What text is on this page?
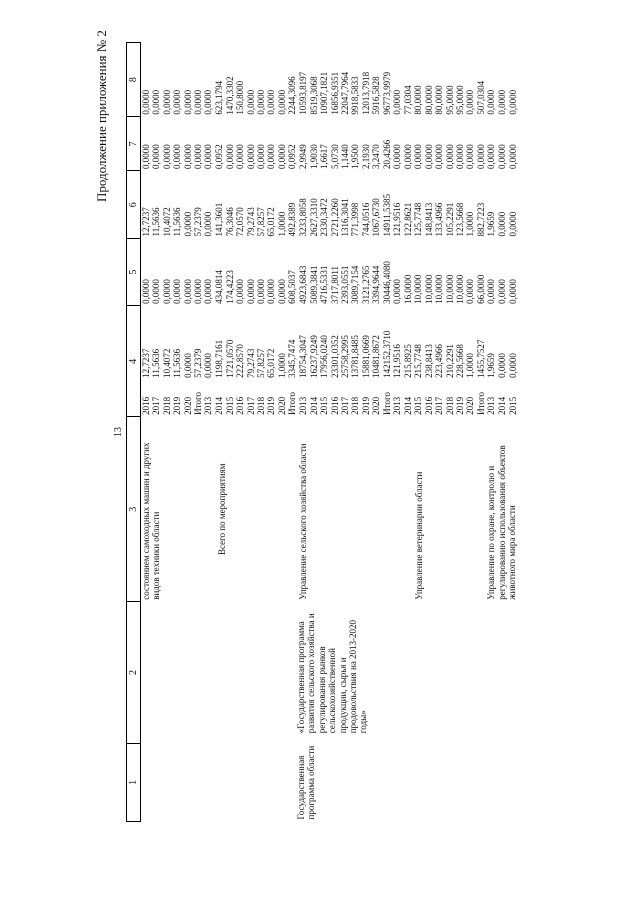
Продолжение приложения № 2
13								
1	2	3	4		5	6	7	8

Государственная программа области	«Государственная программа развития сельского хозяйства и регулирования рынков сельскохозяйственной продукции, сырья и продовольствия на 2013-2020 годы»	состоянием самоходных машин и других видов техники области	2016	12,7237	0,0000	12,7237	0,0000	0,0000
			2017	11,5636	0,0000	11,5636	0,0000	0,0000
			2018	10,4072	0,0000	10,4072	0,0000	0,0000
			2019	11,5636	0,0000	11,5636	0,0000	0,0000
			2020	0,0000	0,0000	0,0000	0,0000	0,0000
			Итого	57,2379	0,0000	57,2379	0,0000	0,0000

		Всего по мероприятиям	2013	0,0000	0,0000	0,0000	0,0000	0,0000
			2014	1198,7161	434,0814	141,3601	0,0952	623,1794
			2015	1721,0570	174,4223	76,3046	0,0000	1470,3302
			2016	222,8570	0,0000	72,0570	0,0000	150,8000
			2017	79,2743	0,0000	79,2743	0,0000	0,0000
			2018	57,8257	0,0000	57,8257	0,0000	0,0000
			2019	65,0172	0,0000	65,0172	0,0000	0,0000
			2020	1,0000	0,0000	1,0000	0,0000	0,0000
			Итого	3345,7474	608,5037	492,8389	0,0952	2244,3096

		Управление сельского хозяйства области	2013	18754,3047	4923,6843	3233,8058	2,9949	10593,8197
			2014	16237,9249	5089,3841	2627,3310	1,9030	8519,3068
			2015	17956,0240	4716,5331	2330,3472	1,6617	10907,1821
			2016	23301,0352	3717,8011	2721,2260	5,0730	16856,9351
			2017	25758,2995	2393,0551	1316,3041	1,1440	22047,7964
			2018	13781,8485	3089,7154	771,3998	1,9500	9918,5833
			2019	15881,0669	3121,2765	744,0516	2,1930	12013,7918
			2020	10481,8672	3394,9644	1067,6730	3,2470	5916,5828
			Итого	142152,3710	30446,4080	14911,5385	20,4266	96773,9979

		Управление ветеринарии области	2013	121,9516	0,0000	121,9516	0,0000	0,0000
			2014	215,8925	16,0000	122,8621	0,0000	77,0304
			2015	215,7748	10,0000	125,7748	0,0000	80,0000
			2016	238,8413	10,0000	148,8413	0,0000	80,0000
			2017	223,4966	10,0000	133,4966	0,0000	80,0000
			2018	210,2291	10,0000	105,2291	0,0000	95,0000
			2019	228,5668	10,0000	123,5668	0,0000	95,0000
			2020	1,0000	0,0000	1,0000	0,0000	0,0000
			Итого	1455,7527	66,0000	882,7223	0,0000	507,0304

		Управление по охране, контролю и регулированию использования объектов животного мира области	2013	1,9659	0,0000	1,9659	0,0000	0,0000
			2014	0,0000	0,0000	0,0000	0,0000	0,0000
			2015	0,0000	0,0000	0,0000	0,0000	0,0000
